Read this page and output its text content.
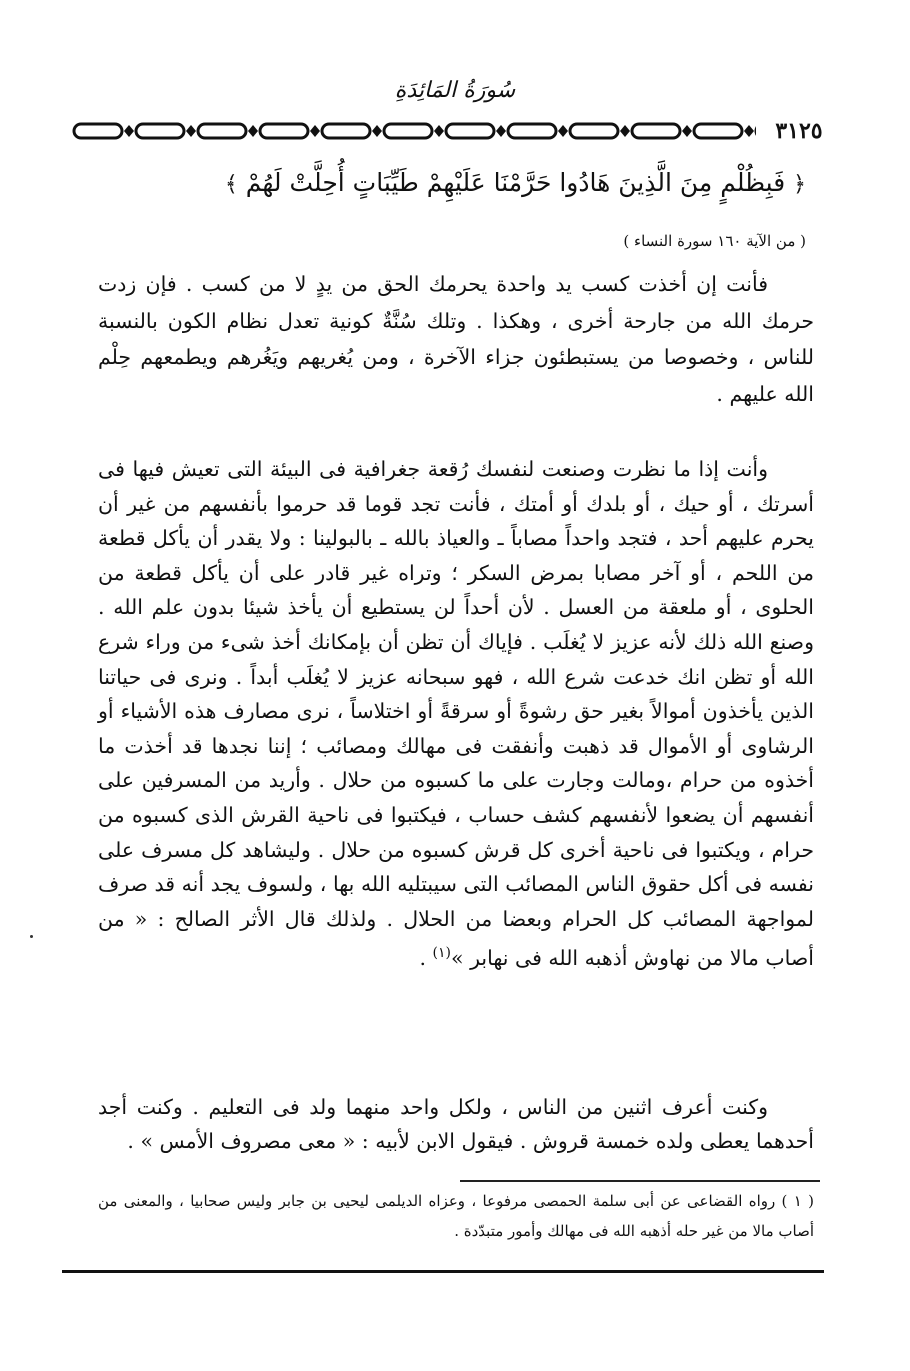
سُورَةُ المَائِدَةِ
٣١٢٥
﴿ فَبِظُلْمٍ مِنَ الَّذِينَ هَادُوا حَرَّمْنَا عَلَيْهِمْ طَيِّبَاتٍ أُحِلَّتْ لَهُمْ ﴾
( من الآية ١٦٠ سورة النساء )

فأنت إن أخذت كسب يد واحدة يحرمك الحق من يدٍ لا من كسب . فإن زدت حرمك الله من جارحة أخرى ، وهكذا . وتلك سُنَّةٌ كونية تعدل نظام الكون بالنسبة للناس ، وخصوصا من يستبطئون جزاء الآخرة ، ومن يُغريهم ويَغُرهم ويطمعهم حِلْم الله عليهم .

وأنت إذا ما نظرت وصنعت لنفسك رُقعة جغرافية فى البيئة التى تعيش فيها فى أسرتك ، أو حيك ، أو بلدك أو أمتك ، فأنت تجد قوما قد حرموا بأنفسهم من غير أن يحرم عليهم أحد ، فتجد واحداً مصاباً ـ والعياذ بالله ـ بالبولينا : ولا يقدر أن يأكل قطعة من اللحم ، أو آخر مصابا بمرض السكر ؛ وتراه غير قادر على أن يأكل قطعة من الحلوى ، أو ملعقة من العسل . لأن أحداً لن يستطيع أن يأخذ شيئا بدون علم الله . وصنع الله ذلك لأنه عزيز لا يُغلَب . فإياك أن تظن أن بإمكانك أخذ شىء من وراء شرع الله أو تظن انك خدعت شرع الله ، فهو سبحانه عزيز لا يُغلَب أبداً . ونرى فى حياتنا الذين يأخذون أموالاً بغير حق رشوةً أو سرقةً أو اختلاساً ، نرى مصارف هذه الأشياء أو الرشاوى أو الأموال قد ذهبت وأنفقت فى مهالك ومصائب ؛ إننا نجدها قد أخذت ما أخذوه من حرام ،ومالت وجارت على ما كسبوه من حلال . وأريد من المسرفين على أنفسهم أن يضعوا لأنفسهم كشف حساب ، فيكتبوا فى ناحية القرش الذى كسبوه من حرام ، ويكتبوا فى ناحية أخرى كل قرش كسبوه من حلال . وليشاهد كل مسرف على نفسه فى أكل حقوق الناس المصائب التى سيبتليه الله بها ، ولسوف يجد أنه قد صرف لمواجهة المصائب كل الحرام وبعضا من الحلال . ولذلك قال الأثر الصالح : « من أصاب مالا من نهاوش أذهبه الله فى نهابر »$^{(١)}$ .

وكنت أعرف اثنين من الناس ، ولكل واحد منهما ولد فى التعليم . وكنت أجد أحدهما يعطى ولده خمسة قروش . فيقول الابن لأبيه : « معى مصروف الأمس » .

( ١ ) رواه القضاعى عن أبى سلمة الحمصى مرفوعا ، وعزاه الديلمى ليحيى بن جابر وليس صحابيا ، والمعنى من أصاب مالا من غير حله أذهبه الله فى مهالك وأمور متبدّدة .
